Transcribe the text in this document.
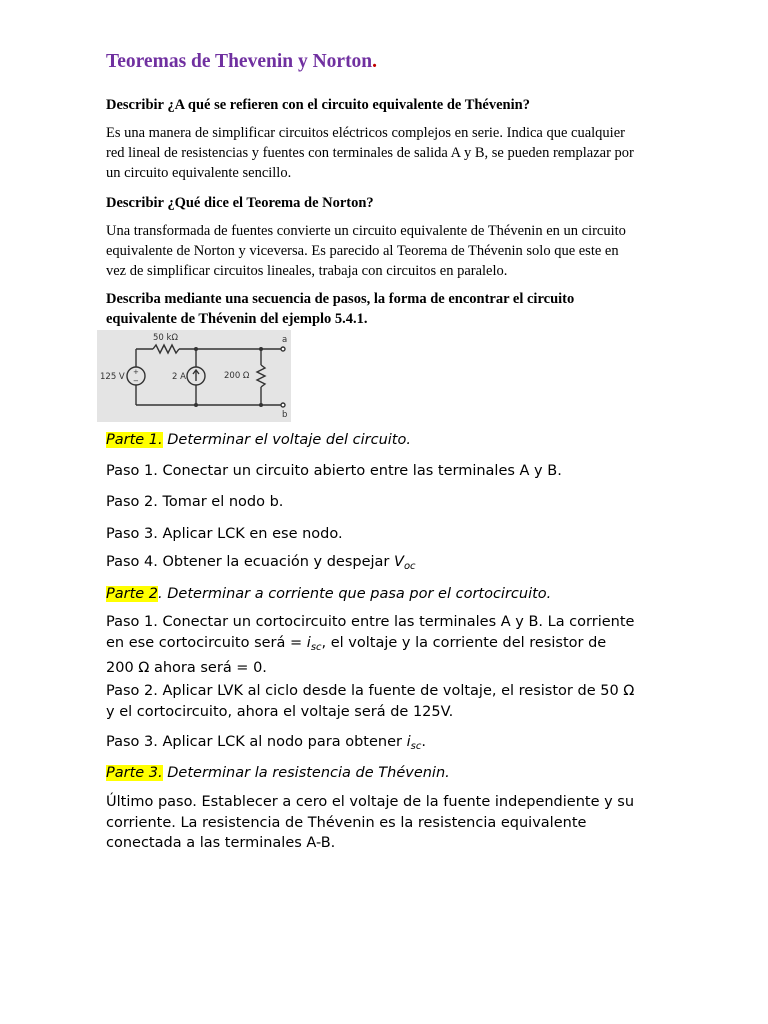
Teoremas de Thevenin y Norton.
Describir ¿A qué se refieren con el circuito equivalente de Thévenin?
Es una manera de simplificar circuitos eléctricos complejos en serie. Indica que cualquier
red lineal de resistencias y fuentes con terminales de salida A y B, se pueden remplazar por
un circuito equivalente sencillo.
Describir ¿Qué dice el Teorema de Norton?
Una transformada de fuentes convierte un circuito equivalente de Thévenin en un circuito
equivalente de Norton y viceversa. Es parecido al Teorema de Thévenin solo que este en
vez de simplificar circuitos lineales, trabaja con circuitos en paralelo.
Describa mediante una secuencia de pasos, la forma de encontrar el circuito
equivalente de Thévenin del ejemplo 5.4.1.
Parte 1. Determinar el voltaje del circuito.
Paso 1. Conectar un circuito abierto entre las terminales A y B.
Paso 2. Tomar el nodo b.
Paso 3. Aplicar LCK en ese nodo.
Paso 4. Obtener la ecuación y despejar $V_{oc}$
Parte 2. Determinar a corriente que pasa por el cortocircuito.
Paso 1. Conectar un cortocircuito entre las terminales A y B. La corriente
en ese cortocircuito será = $i_{sc}$, el voltaje y la corriente del resistor de
200 Ω ahora será = 0.
Paso 2. Aplicar LVK al ciclo desde la fuente de voltaje, el resistor de 50 Ω
y el cortocircuito, ahora el voltaje será de 125V.
Paso 3. Aplicar LCK al nodo para obtener $i_{sc}$.
Parte 3. Determinar la resistencia de Thévenin.
Último paso. Establecer a cero el voltaje de la fuente independiente y su
corriente. La resistencia de Thévenin es la resistencia equivalente
conectada a las terminales A-B.
50 kΩ
125 V +
−	2 A	200 Ω
a
b
